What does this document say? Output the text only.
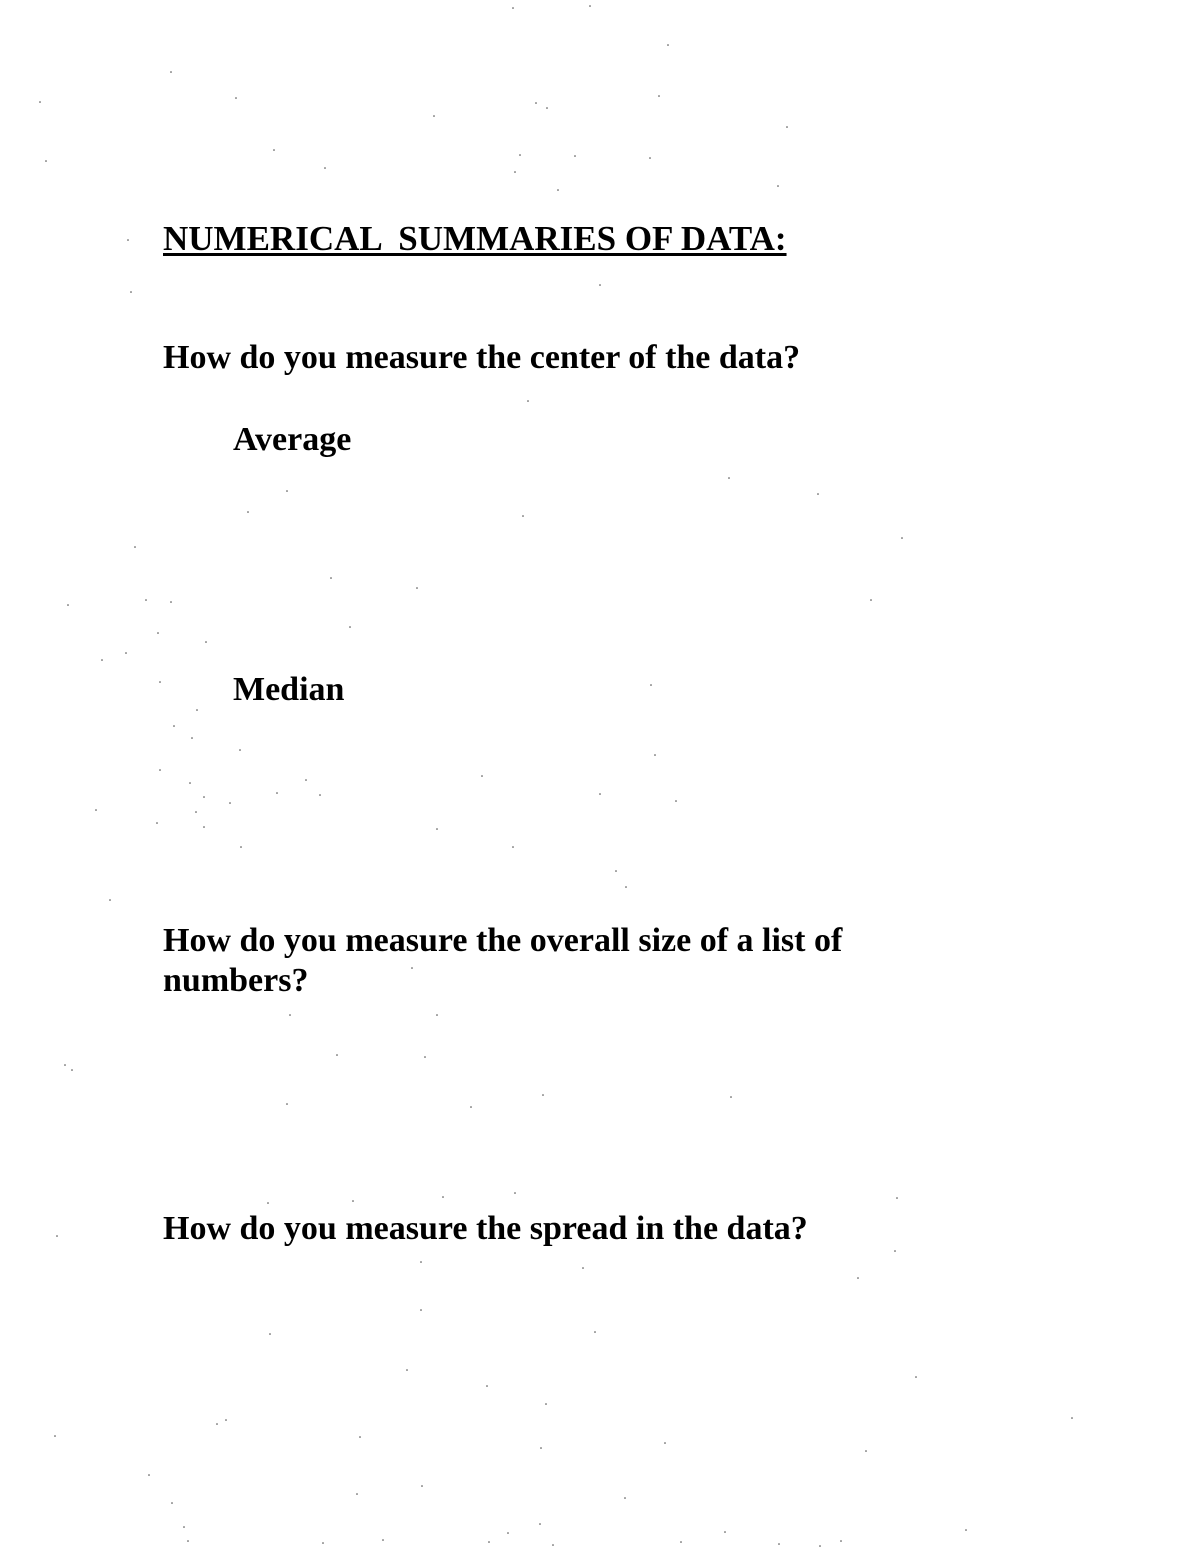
NUMERICAL  SUMMARIES OF DATA:

How do you measure the center of the data?

Average

Median

How do you measure the overall size of a list of numbers?

How do you measure the spread in the data?
